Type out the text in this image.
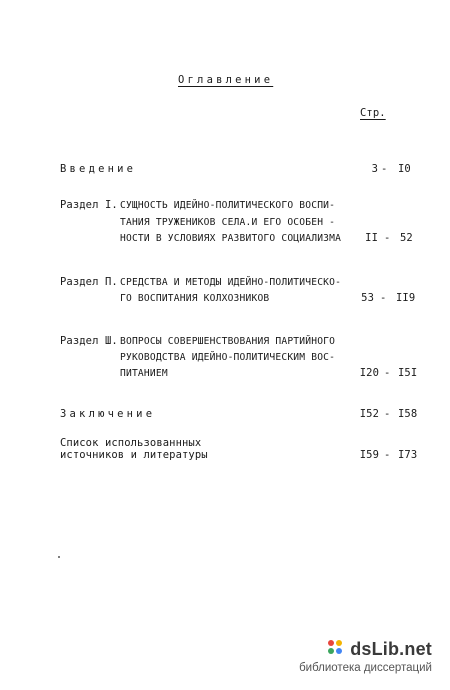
Оглавление
Стр.
Введение	3 - I0
Раздел I. СУЩНОСТЬ ИДЕЙНО-ПОЛИТИЧЕСКОГО ВОСПИ-
ТАНИЯ ТРУЖЕНИКОВ СЕЛА.И ЕГО ОСОБЕН -
НОСТИ В УСЛОВИЯХ РАЗВИТОГО СОЦИАЛИЗМА	II - 52
Раздел П. СРЕДСТВА И МЕТОДЫ ИДЕЙНО-ПОЛИТИЧЕСКО-
ГО ВОСПИТАНИЯ КОЛХОЗНИКОВ	53 - II9
Раздел Ш. ВОПРОСЫ СОВЕРШЕНСТВОВАНИЯ ПАРТИЙНОГО
РУКОВОДСТВА ИДЕЙНО-ПОЛИТИЧЕСКИМ ВОС-
ПИТАНИЕМ	I20 - I5I
Заключение	I52 - I58
Список использованнных
источников и литературы	I59 - I73
dsLib.net
библиотека диссертаций
